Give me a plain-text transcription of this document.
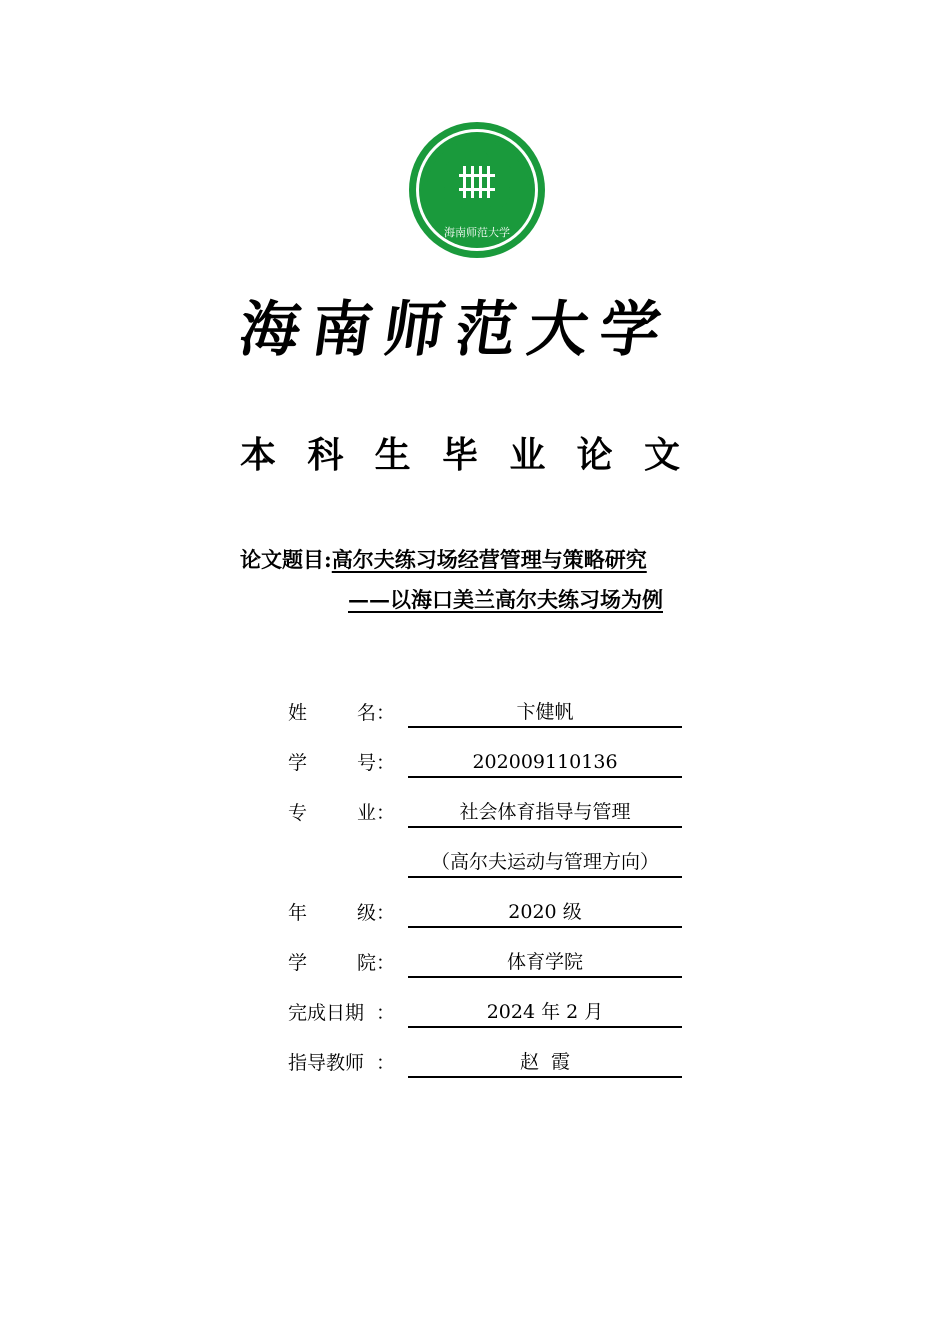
HAINAN NORMAL UNIVERSITY
海南师范大学
海 南 师 范 大 学
本 科 生 毕 业 论 文
论文题目: 高尔夫练习场经营管理与策略研究
——以海口美兰高尔夫练习场为例
姓	名 ：	卞健帆
学	号 ：	202009110136
专	业 ：	社会体育指导与管理
（高尔夫运动与管理方向）
年	级 ：	2020 级
学	院 ：	体育学院
完成日期 ：	2024 年 2 月
指导教师 ：	赵  霞
